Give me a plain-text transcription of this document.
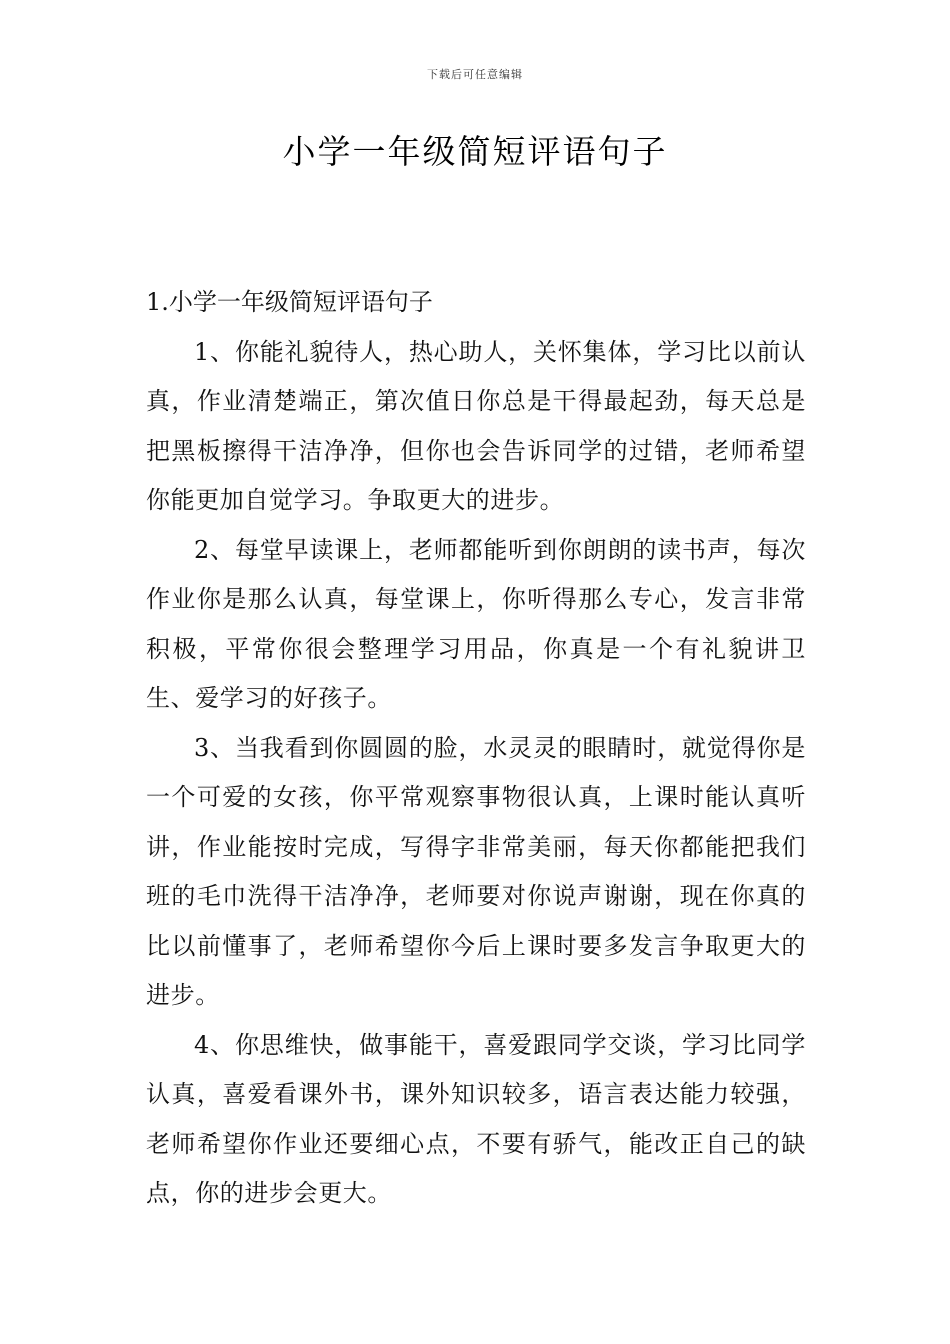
下载后可任意编辑
小学一年级简短评语句子

1.小学一年级简短评语句子

1、你能礼貌待人，热心助人，关怀集体，学习比以前认真，作业清楚端正，第次值日你总是干得最起劲，每天总是把黑板擦得干洁净净，但你也会告诉同学的过错，老师希望你能更加自觉学习。争取更大的进步。

2、每堂早读课上，老师都能听到你朗朗的读书声，每次作业你是那么认真，每堂课上，你听得那么专心，发言非常积极，平常你很会整理学习用品，你真是一个有礼貌讲卫生、爱学习的好孩子。

3、当我看到你圆圆的脸，水灵灵的眼睛时，就觉得你是一个可爱的女孩，你平常观察事物很认真，上课时能认真听讲，作业能按时完成，写得字非常美丽，每天你都能把我们班的毛巾洗得干洁净净，老师要对你说声谢谢，现在你真的比以前懂事了，老师希望你今后上课时要多发言争取更大的进步。

4、你思维快，做事能干，喜爱跟同学交谈，学习比同学认真，喜爱看课外书，课外知识较多，语言表达能力较强，老师希望你作业还要细心点，不要有骄气，能改正自己的缺点，你的进步会更大。
